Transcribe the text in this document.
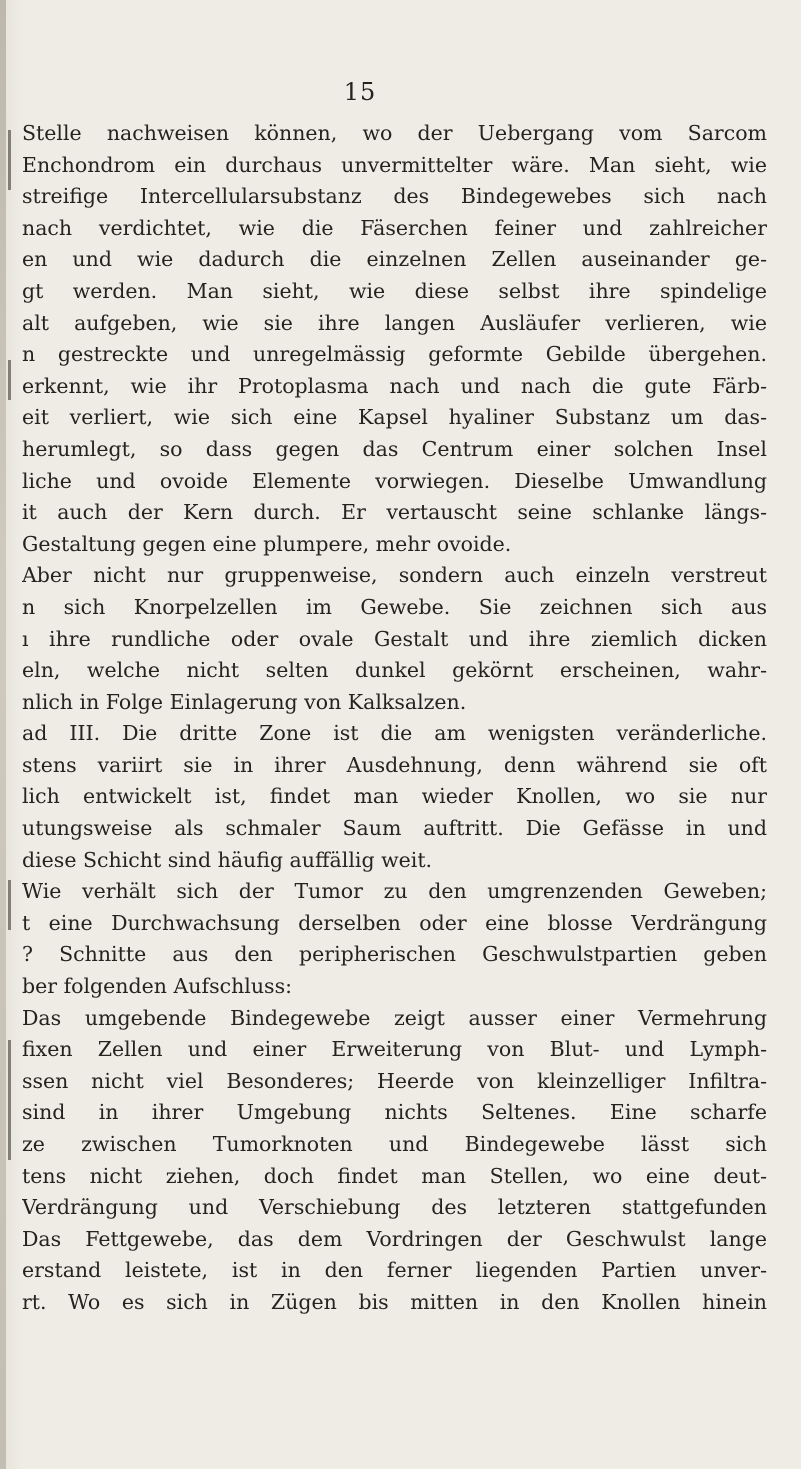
15
Stelle nachweisen können, wo der Uebergang vom Sarcom
Enchondrom ein durchaus unvermittelter wäre. Man sieht, wie
streifige Intercellularsubstanz des Bindegewebes sich nach
nach verdichtet, wie die Fäserchen feiner und zahlreicher
en und wie dadurch die einzelnen Zellen auseinander ge-
gt werden. Man sieht, wie diese selbst ihre spindelige
alt aufgeben, wie sie ihre langen Ausläufer verlieren, wie
n gestreckte und unregelmässig geformte Gebilde übergehen.
erkennt, wie ihr Protoplasma nach und nach die gute Färb-
eit verliert, wie sich eine Kapsel hyaliner Substanz um das-
herumlegt, so dass gegen das Centrum einer solchen Insel
liche und ovoide Elemente vorwiegen. Dieselbe Umwandlung
it auch der Kern durch. Er vertauscht seine schlanke längs-
Gestaltung gegen eine plumpere, mehr ovoide.
Aber nicht nur gruppenweise, sondern auch einzeln verstreut
n sich Knorpelzellen im Gewebe. Sie zeichnen sich aus
ı ihre rundliche oder ovale Gestalt und ihre ziemlich dicken
eln, welche nicht selten dunkel gekörnt erscheinen, wahr-
nlich in Folge Einlagerung von Kalksalzen.
ad III. Die dritte Zone ist die am wenigsten veränderliche.
stens variirt sie in ihrer Ausdehnung, denn während sie oft
lich entwickelt ist, findet man wieder Knollen, wo sie nur
utungsweise als schmaler Saum auftritt. Die Gefässe in und
diese Schicht sind häufig auffällig weit.
Wie verhält sich der Tumor zu den umgrenzenden Geweben;
t eine Durchwachsung derselben oder eine blosse Verdrängung
? Schnitte aus den peripherischen Geschwulstpartien geben
ber folgenden Aufschluss:
Das umgebende Bindegewebe zeigt ausser einer Vermehrung
fixen Zellen und einer Erweiterung von Blut- und Lymph-
ssen nicht viel Besonderes; Heerde von kleinzelliger Infiltra-
sind in ihrer Umgebung nichts Seltenes. Eine scharfe
ze zwischen Tumorknoten und Bindegewebe lässt sich
tens nicht ziehen, doch findet man Stellen, wo eine deut-
Verdrängung und Verschiebung des letzteren stattgefunden
Das Fettgewebe, das dem Vordringen der Geschwulst lange
erstand leistete, ist in den ferner liegenden Partien unver-
rt. Wo es sich in Zügen bis mitten in den Knollen hinein
